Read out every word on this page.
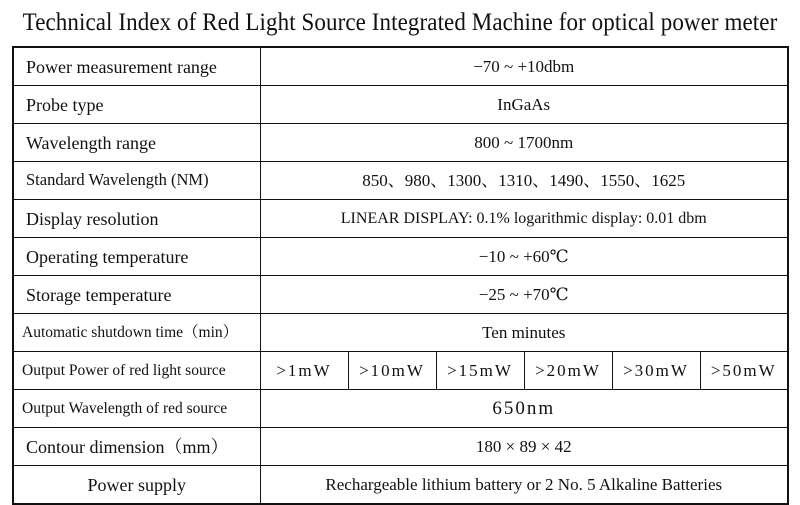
Technical Index of Red Light Source Integrated Machine for optical power meter
Power measurement range	−70 ~ +10dbm					
Probe type	InGaAs					
Wavelength range	800 ~ 1700nm					
Standard Wavelength (NM)	850、980、1300、1310、1490、1550、1625					
Display resolution	LINEAR DISPLAY: 0.1% logarithmic display: 0.01 dbm					
Operating temperature	−10 ~ +60℃					
Storage temperature	−25 ~ +70℃					
Automatic shutdown time（min）	Ten minutes					
Output Power of red light source	>1mW	>10mW	>15mW	>20mW	>30mW	>50mW
Output Wavelength of red source	650nm					
Contour dimension（mm）	180 × 89 × 42					
Power supply	Rechargeable lithium battery or 2 No. 5 Alkaline Batteries					
